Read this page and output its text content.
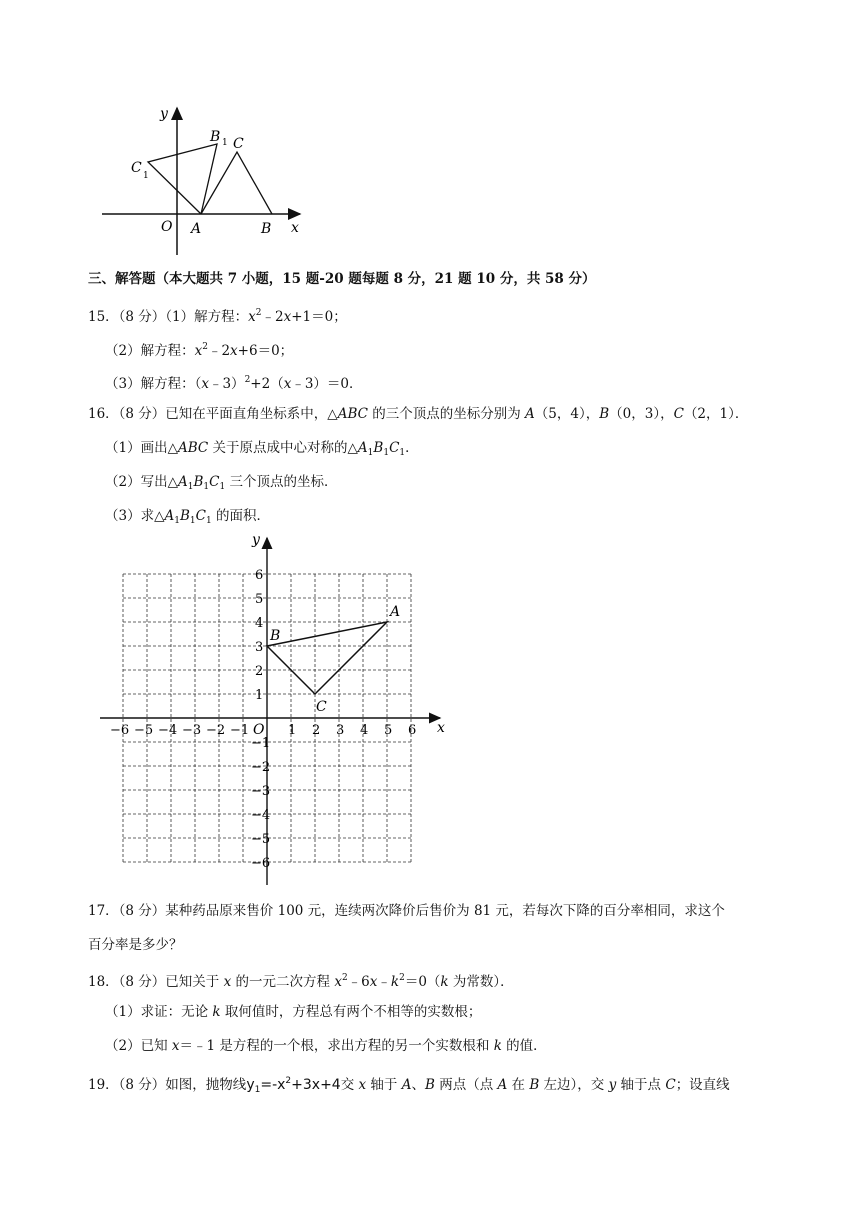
y
x
O A	B
C
B 1
C 1
三、解答题（本大题共 7 小题，15 题-20 题每题 8 分，21 题 10 分，共 58 分）
15．（8 分）（1）解方程：$x^2﹣2x+1=0$；
（2）解方程：$x^2﹣2x+6=0$；
（3）解方程：（x﹣3）$^2$+2（x﹣3）＝0．
16．（8 分）已知在平面直角坐标系中，△ABC 的三个顶点的坐标分别为 A（5，4），B（0，3），C（2，1）．
（1）画出△ABC 关于原点成中心对称的$\triangle A_1B_1C_1$．
（2）写出$\triangle A_1B_1C_1$ 三个顶点的坐标．
（3）求$\triangle A_1B_1C_1$ 的面积．
y
x
O
−6 −5 −4 −3 −2 −1	1 2 3 4 5 6
6
5
4
3
2
1
−1
−2
−3
−4
−5
−6
A
B
C
17．（8 分）某种药品原来售价 100 元，连续两次降价后售价为 81 元，若每次下降的百分率相同，求这个
百分率是多少？
18．（8 分）已知关于 x 的一元二次方程 $x^2﹣6x﹣k^2=0(k$ 为常数）．
（1）求证：无论 k 取何值时，方程总有两个不相等的实数根；
（2）已知 x＝﹣1 是方程的一个根，求出方程的另一个实数根和 k 的值．
19．（8 分）如图，抛物线$y_1=-x^2+3x+4$交 x 轴于 A、B 两点（点 A 在 B 左边），交 y 轴于点 C；设直线
